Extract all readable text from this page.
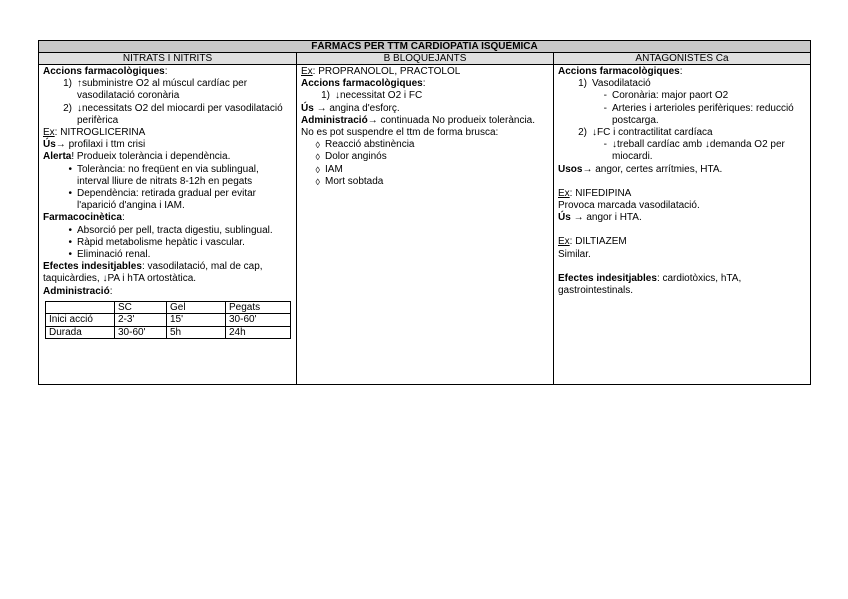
FÀRMACS PER TTM CARDIOPATIA ISQUÈMICA
NITRATS I NITRITS	B BLOQUEJANTS	ANTAGONISTES Ca

Accions farmacològiques:
1) ↑subministre O2 al múscul cardíac per vasodilatació coronària
2) ↓necessitats O2 del miocardi per vasodilatació perifèrica
Ex: NITROGLICERINA
Ús→ profilaxi i ttm crisi
Alerta! Produeix tolerància i dependència.
• Tolerància: no freqüent en via sublingual, interval lliure de nitrats 8-12h en pegats
• Dependència: retirada gradual per evitar l'aparició d'angina i IAM.
Farmacocinètica:
• Absorció per pell, tracta digestiu, sublingual.
• Ràpid metabolisme hepàtic i vascular.
• Eliminació renal.
Efectes indesitjables: vasodilatació, mal de cap, taquicàrdies, ↓PA i hTA ortostàtica.
Administració:
	SC	Gel	Pegats
Inici acció	2-3'	15'	30-60'
Durada	30-60'	5h	24h

Ex: PROPRANOLOL, PRACTOLOL
Accions farmacològiques:
1) ↓necessitat O2 i FC
Ús → angina d'esforç.
Administració→ continuada No produeix tolerància.
No es pot suspendre el ttm de forma brusca:
◊ Reacció abstinència
◊ Dolor anginós
◊ IAM
◊ Mort sobtada

Accions farmacològiques:
1) Vasodilatació
- Coronària: major paort O2
- Arteries i arterioles perifèriques: reducció postcarga.
2) ↓FC i contractilitat cardíaca
- ↓treball cardíac amb ↓demanda O2 per miocardi.
Usos→ angor, certes arrítmies, HTA.
Ex: NIFEDIPINA
Provoca marcada vasodilatació.
Ús → angor i HTA.
Ex: DILTIAZEM
Similar.
Efectes indesitjables: cardiotòxics, hTA, gastrointestinals.
